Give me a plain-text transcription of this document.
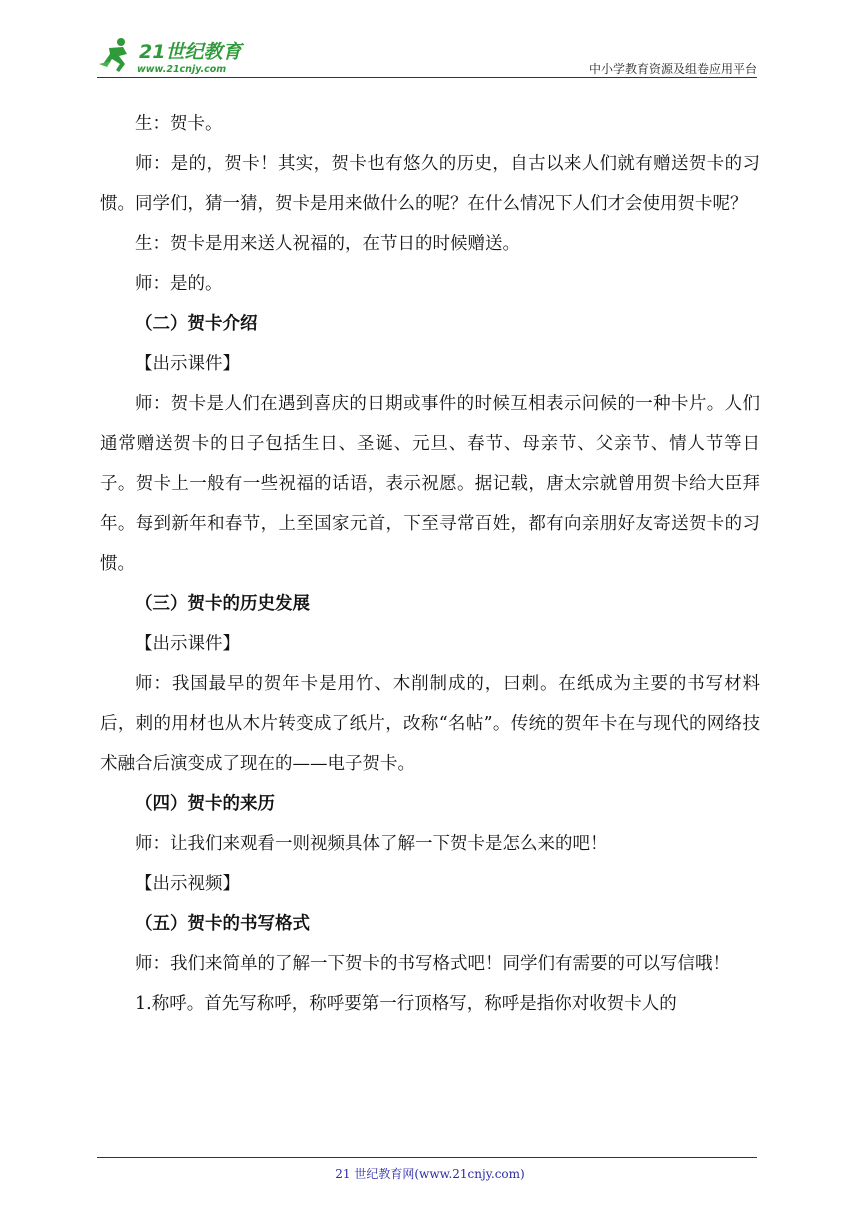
21世纪教育
www.21cnjy.com	中小学教育资源及组卷应用平台

生：贺卡。

师：是的，贺卡！其实，贺卡也有悠久的历史，自古以来人们就有赠送贺卡的习惯。同学们，猜一猜，贺卡是用来做什么的呢？在什么情况下人们才会使用贺卡呢？

生：贺卡是用来送人祝福的，在节日的时候赠送。

师：是的。

（二）贺卡介绍

【出示课件】

师：贺卡是人们在遇到喜庆的日期或事件的时候互相表示问候的一种卡片。人们通常赠送贺卡的日子包括生日、圣诞、元旦、春节、母亲节、父亲节、情人节等日子。贺卡上一般有一些祝福的话语，表示祝愿。据记载，唐太宗就曾用贺卡给大臣拜年。每到新年和春节，上至国家元首，下至寻常百姓，都有向亲朋好友寄送贺卡的习惯。

（三）贺卡的历史发展

【出示课件】

师：我国最早的贺年卡是用竹、木削制成的，曰刺。在纸成为主要的书写材料后，刺的用材也从木片转变成了纸片，改称“名帖”。传统的贺年卡在与现代的网络技术融合后演变成了现在的——电子贺卡。

（四）贺卡的来历

师：让我们来观看一则视频具体了解一下贺卡是怎么来的吧！

【出示视频】

（五）贺卡的书写格式

师：我们来简单的了解一下贺卡的书写格式吧！同学们有需要的可以写信哦！

1.称呼。首先写称呼，称呼要第一行顶格写，称呼是指你对收贺卡人的

21 世纪教育网(www.21cnjy.com)
